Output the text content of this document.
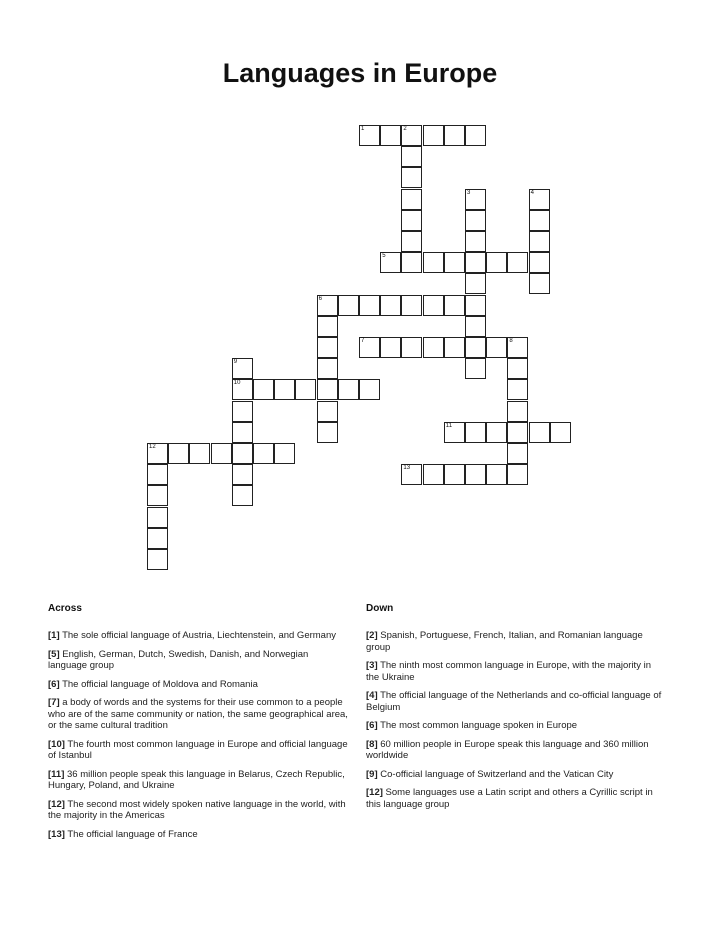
Languages in Europe
1	2
3	4
5
6
7	8
9
10
11
12
13
Across
[1] The sole official language of Austria, Liechtenstein, and Germany
[5] English, German, Dutch, Swedish, Danish, and Norwegian language group
[6] The official language of Moldova and Romania
[7] a body of words and the systems for their use common to a people who are of the same community or nation, the same geographical area, or the same cultural tradition
[10] The fourth most common language in Europe and official language of Istanbul
[11] 36 million people speak this language in Belarus, Czech Republic, Hungary, Poland, and Ukraine
[12] The second most widely spoken native language in the world, with the majority in the Americas
[13] The official language of France
Down
[2] Spanish, Portuguese, French, Italian, and Romanian language group
[3] The ninth most common language in Europe, with the majority in the Ukraine
[4] The official language of the Netherlands and co-official language of Belgium
[6] The most common language spoken in Europe
[8] 60 million people in Europe speak this language and 360 million worldwide
[9] Co-official language of Switzerland and the Vatican City
[12] Some languages use a Latin script and others a Cyrillic script in this language group
